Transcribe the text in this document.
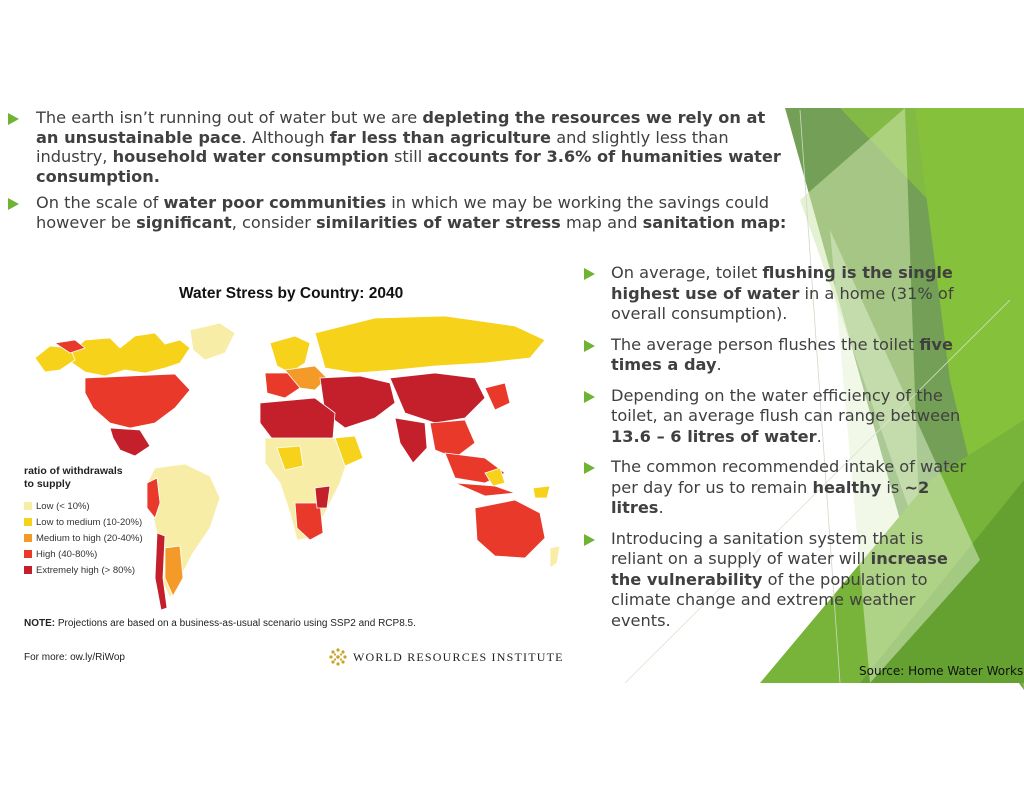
The earth isn’t running out of water but we are depleting the resources we rely on at an unsustainable pace. Although far less than agriculture and slightly less than industry, household water consumption still accounts for 3.6% of humanities water consumption.
On the scale of water poor communities in which we may be working the savings could however be significant, consider similarities of water stress map and sanitation map:
Water Stress by Country: 2040
ratio of withdrawals to supply
Low (< 10%)
Low to medium (10-20%)
Medium to high (20-40%)
High (40-80%)
Extremely high (> 80%)
NOTE: Projections are based on a business-as-usual scenario using SSP2 and RCP8.5.
For more: ow.ly/RiWop	WORLD RESOURCES INSTITUTE
On average, toilet flushing is the single highest use of water in a home (31% of overall consumption).
The average person flushes the toilet five times a day.
Depending on the water efficiency of the toilet, an average flush can range between 13.6 – 6 litres of water.
The common recommended intake of water per day for us to remain healthy is ~2 litres.
Introducing a sanitation system that is reliant on a supply of water will increase the vulnerability of the population to climate change and extreme weather events.
Source: Home Water Works
